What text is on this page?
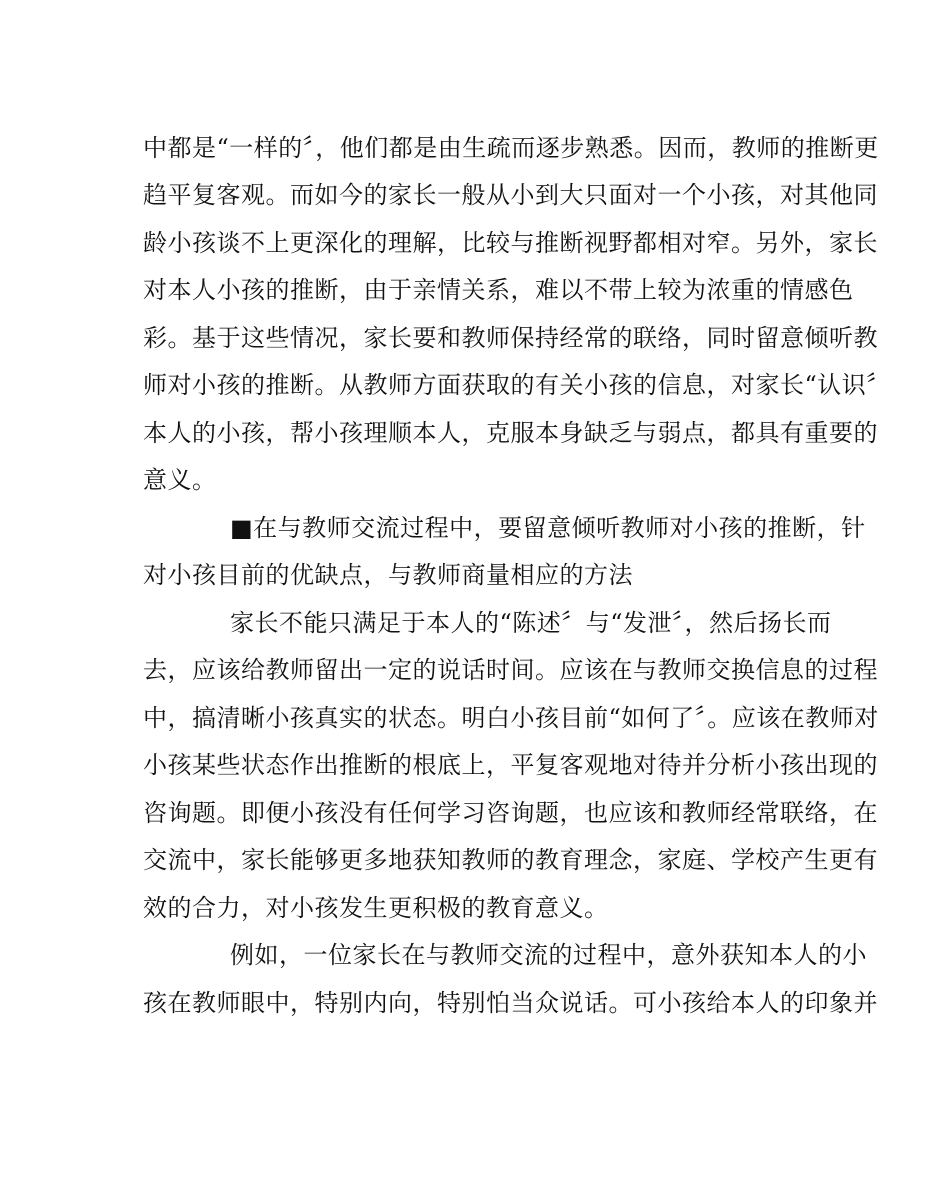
中都是“一样的〞，他们都是由生疏而逐步熟悉。因而，教师的推断更
趋平复客观。而如今的家长一般从小到大只面对一个小孩，对其他同
龄小孩谈不上更深化的理解，比较与推断视野都相对窄。另外，家长
对本人小孩的推断，由于亲情关系，难以不带上较为浓重的情感色
彩。基于这些情况，家长要和教师保持经常的联络，同时留意倾听教
师对小孩的推断。从教师方面获取的有关小孩的信息，对家长“认识〞
本人的小孩，帮小孩理顺本人，克服本身缺乏与弱点，都具有重要的
意义。
■在与教师交流过程中，要留意倾听教师对小孩的推断，针
对小孩目前的优缺点，与教师商量相应的方法
家长不能只满足于本人的“陈述〞与“发泄〞，然后扬长而
去，应该给教师留出一定的说话时间。应该在与教师交换信息的过程
中，搞清晰小孩真实的状态。明白小孩目前“如何了〞。应该在教师对
小孩某些状态作出推断的根底上，平复客观地对待并分析小孩出现的
咨询题。即便小孩没有任何学习咨询题，也应该和教师经常联络，在
交流中，家长能够更多地获知教师的教育理念，家庭、学校产生更有
效的合力，对小孩发生更积极的教育意义。
例如，一位家长在与教师交流的过程中，意外获知本人的小
孩在教师眼中，特别内向，特别怕当众说话。可小孩给本人的印象并
